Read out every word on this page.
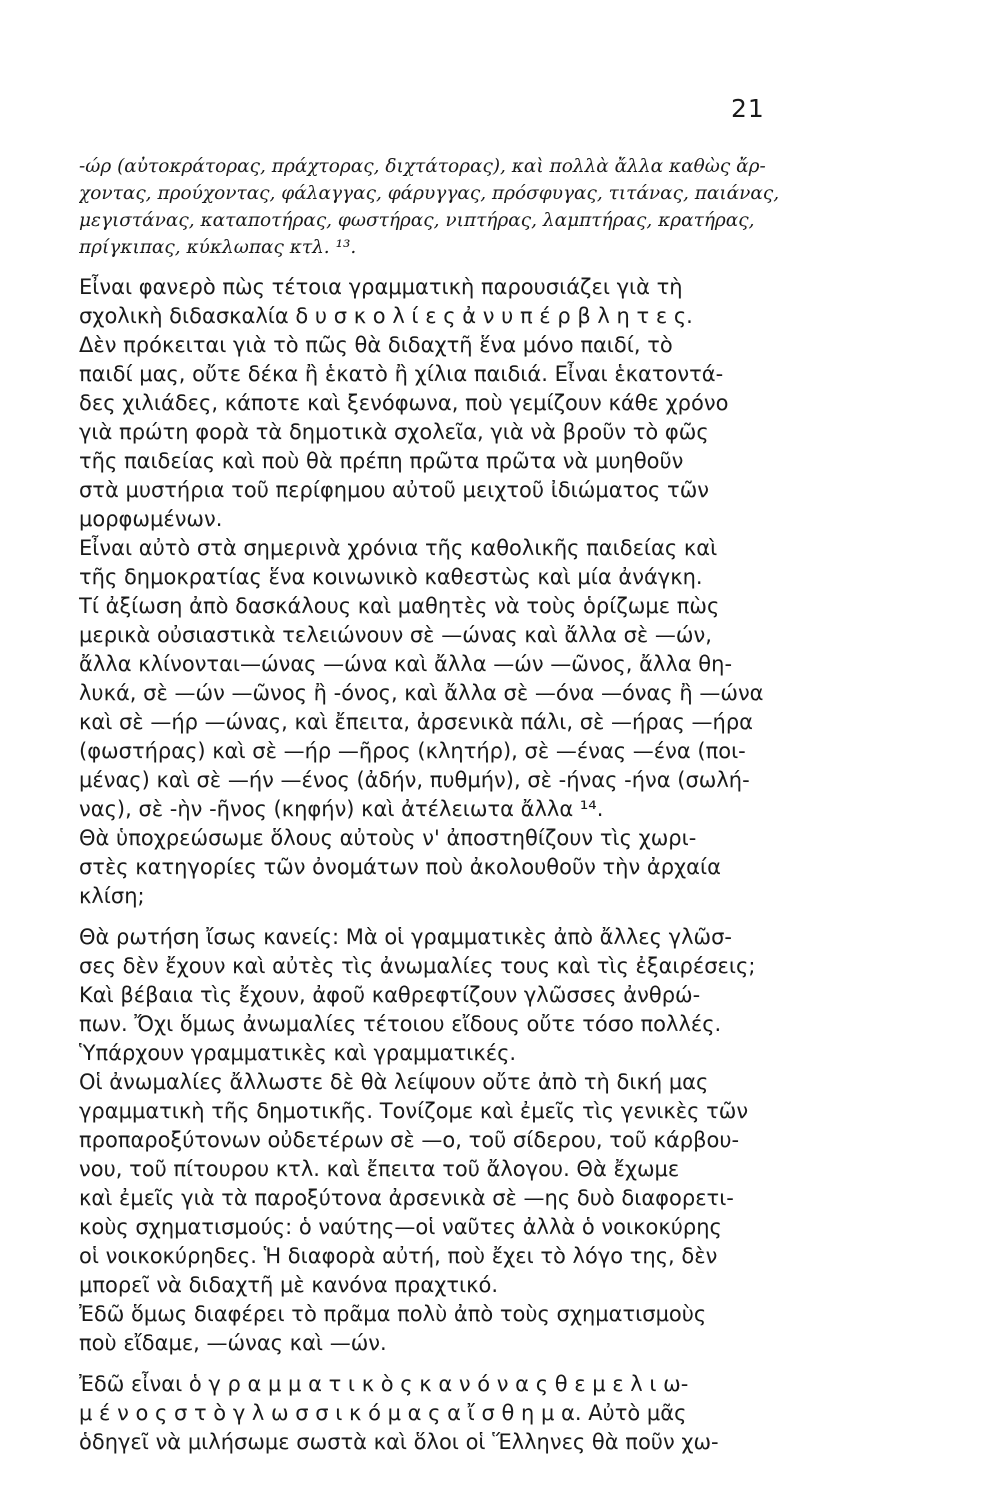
21
-ώρ (αὐτοκράτορας, πράχτορας, διχτάτορας), καὶ πολλὰ ἄλλα καθὼς ἄρ-
χοντας, προύχοντας, φάλαγγας, φάρυγγας, πρόσφυγας, τιτάνας, παιάνας,
μεγιστάνας, καταποτήρας, φωστήρας, νιπτήρας, λαμπτήρας, κρατήρας,
πρίγκιπας, κύκλωπας κτλ. ¹³.
Εἶναι φανερὸ πὼς τέτοια γραμματικὴ παρουσιάζει γιὰ τὴ
σχολικὴ διδασκαλία δ υ σ κ ο λ ί ε ς ἀ ν υ π έ ρ β λ η τ ε ς.
Δὲν πρόκειται γιὰ τὸ πῶς θὰ διδαχτῆ ἕνα μόνο παιδί, τὸ
παιδί μας, οὔτε δέκα ἢ ἑκατὸ ἢ χίλια παιδιά. Εἶναι ἑκατοντά-
δες χιλιάδες, κάποτε καὶ ξενόφωνα, ποὺ γεμίζουν κάθε χρόνο
γιὰ πρώτη φορὰ τὰ δημοτικὰ σχολεῖα, γιὰ νὰ βροῦν τὸ φῶς
τῆς παιδείας καὶ ποὺ θὰ πρέπη πρῶτα πρῶτα νὰ μυηθοῦν
στὰ μυστήρια τοῦ περίφημου αὐτοῦ μειχτοῦ ἰδιώματος τῶν
μορφωμένων.
Εἶναι αὐτὸ στὰ σημερινὰ χρόνια τῆς καθολικῆς παιδείας καὶ
τῆς δημοκρατίας ἕνα κοινωνικὸ καθεστὼς καὶ μία ἀνάγκη.
Τί ἀξίωση ἀπὸ δασκάλους καὶ μαθητὲς νὰ τοὺς ὁρίζωμε πὼς
μερικὰ οὐσιαστικὰ τελειώνουν σὲ —ώνας καὶ ἄλλα σὲ —ών,
ἄλλα κλίνονται—ώνας —ώνα καὶ ἄλλα —ών —ῶνος, ἄλλα θη-
λυκά, σὲ —ών —ῶνος ἢ -όνος, καὶ ἄλλα σὲ —όνα —όνας ἢ —ώνα
καὶ σὲ —ήρ —ώνας, καὶ ἔπειτα, ἀρσενικὰ πάλι, σὲ —ήρας —ήρα
(φωστήρας) καὶ σὲ —ήρ —ῆρος (κλητήρ), σὲ —ένας —ένα (ποι-
μένας) καὶ σὲ —ήν —ένος (ἀδήν, πυθμήν), σὲ -ήνας -ήνα (σωλή-
νας), σὲ -ὴν -ῆνος (κηφήν) καὶ ἀτέλειωτα ἄλλα ¹⁴.
Θὰ ὑποχρεώσωμε ὅλους αὐτοὺς ν' ἀποστηθίζουν τὶς χωρι-
στὲς κατηγορίες τῶν ὀνομάτων ποὺ ἀκολουθοῦν τὴν ἀρχαία
κλίση;
Θὰ ρωτήση ἴσως κανείς: Μὰ οἱ γραμματικὲς ἀπὸ ἄλλες γλῶσ-
σες δὲν ἔχουν καὶ αὐτὲς τὶς ἀνωμαλίες τους καὶ τὶς ἐξαιρέσεις;
Καὶ βέβαια τὶς ἔχουν, ἀφοῦ καθρεφτίζουν γλῶσσες ἀνθρώ-
πων. Ὄχι ὅμως ἀνωμαλίες τέτοιου εἴδους οὔτε τόσο πολλές.
Ὑπάρχουν γραμματικὲς καὶ γραμματικές.
Οἱ ἀνωμαλίες ἄλλωστε δὲ θὰ λείψουν οὔτε ἀπὸ τὴ δική μας
γραμματικὴ τῆς δημοτικῆς. Τονίζομε καὶ ἐμεῖς τὶς γενικὲς τῶν
προπαροξύτονων οὐδετέρων σὲ —ο, τοῦ σίδερου, τοῦ κάρβου-
νου, τοῦ πίτουρου κτλ. καὶ ἔπειτα τοῦ ἄλογου. Θὰ ἔχωμε
καὶ ἐμεῖς γιὰ τὰ παροξύτονα ἀρσενικὰ σὲ —ης δυὸ διαφορετι-
κοὺς σχηματισμούς: ὁ ναύτης—οἱ ναῦτες ἀλλὰ ὁ νοικοκύρης
οἱ νοικοκύρηδες. Ἡ διαφορὰ αὐτή, ποὺ ἔχει τὸ λόγο της, δὲν
μπορεῖ νὰ διδαχτῆ μὲ κανόνα πραχτικό.
Ἐδῶ ὅμως διαφέρει τὸ πρᾶμα πολὺ ἀπὸ τοὺς σχηματισμοὺς
ποὺ εἴδαμε, —ώνας καὶ —ών.
Ἐδῶ εἶναι ὁ γ ρ α μ μ α τ ι κ ὸ ς κ α ν ό ν α ς θ ε μ ε λ ι ω-
μ έ ν ο ς σ τ ὸ γ λ ω σ σ ι κ ό μ α ς α ἴ σ θ η μ α. Αὐτὸ μᾶς
ὁδηγεῖ νὰ μιλήσωμε σωστὰ καὶ ὅλοι οἱ Ἕλληνες θὰ ποῦν χω-
